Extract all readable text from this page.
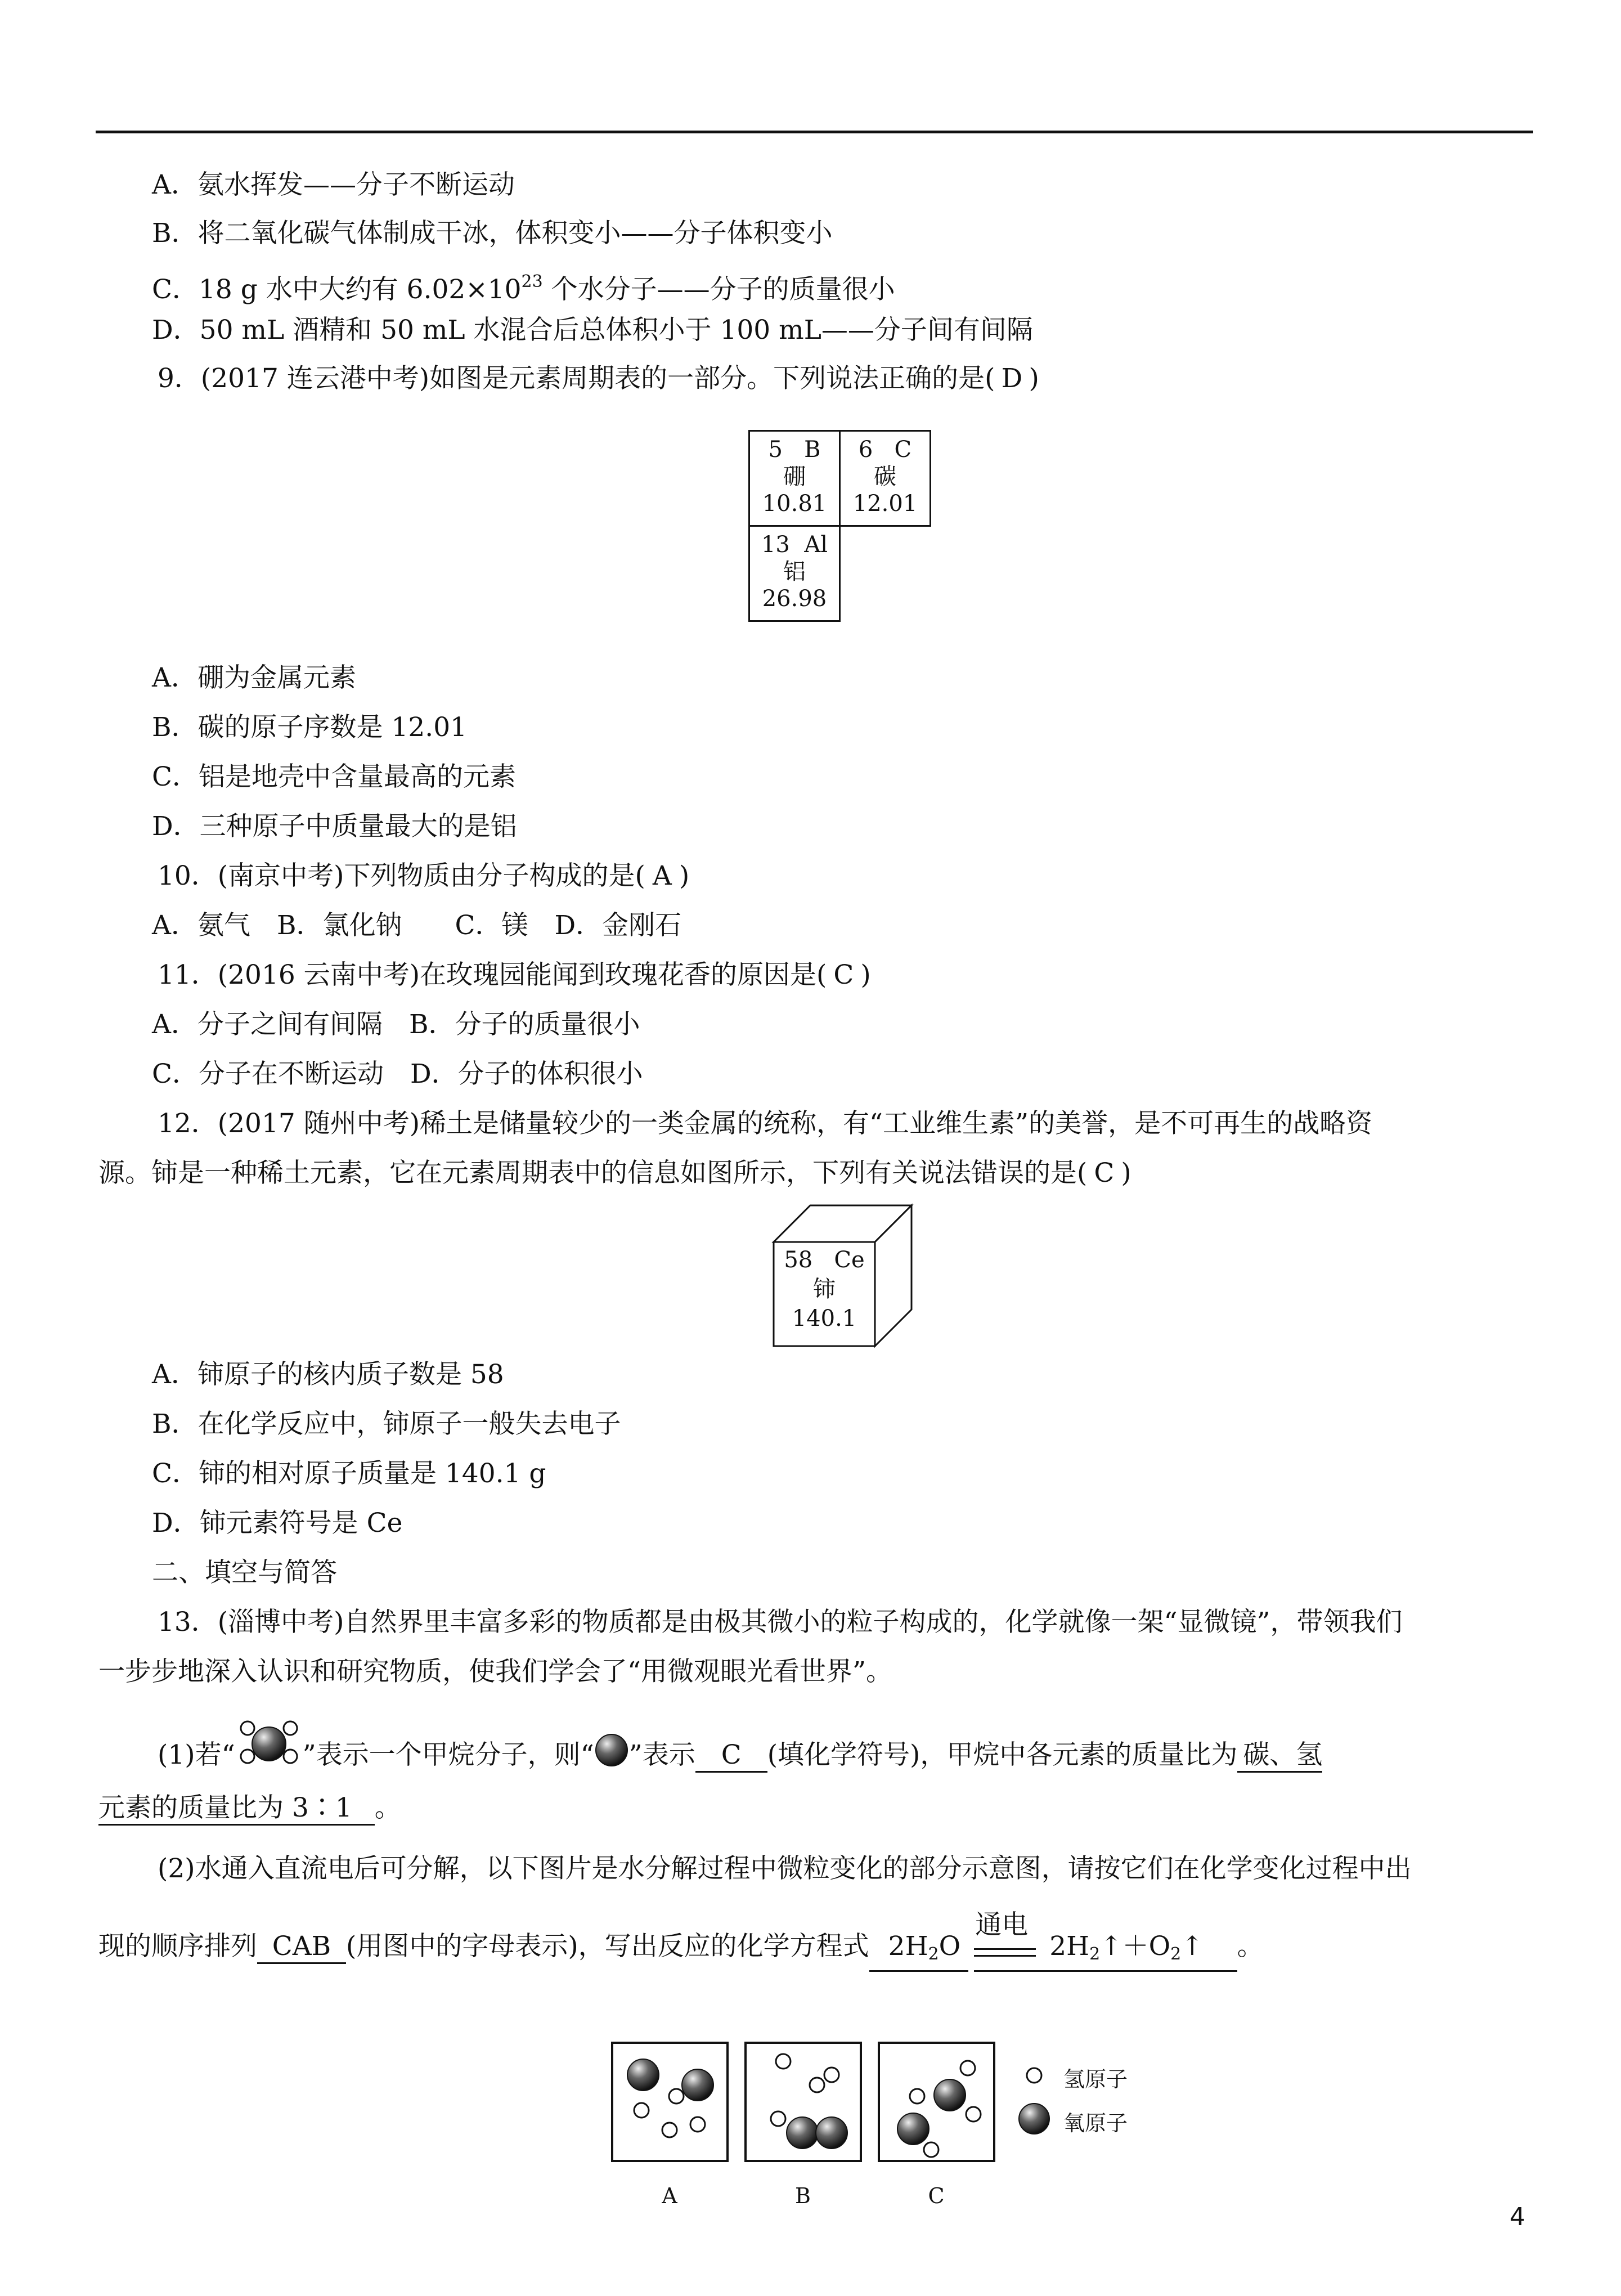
A．氨水挥发——分子不断运动
B．将二氧化碳气体制成干冰，体积变小——分子体积变小
C．18 g 水中大约有 $6.02\times 10^{23}$ 个水分子——分子的质量很小
D．50 mL 酒精和 50 mL 水混合后总体积小于 100 mL——分子间有间隔
9．(2017 连云港中考)如图是元素周期表的一部分。下列说法正确的是( D )
5 B
硼
10.81
6 C
碳
12.01
13 Al
铝
26.98
A．硼为金属元素
B．碳的原子序数是 12.01
C．铝是地壳中含量最高的元素
D．三种原子中质量最大的是铝
10．(南京中考)下列物质由分子构成的是( A )
A．氨气　B．氯化钠　　C．镁　D．金刚石
11．(2016 云南中考)在玫瑰园能闻到玫瑰花香的原因是( C )
A．分子之间有间隔　B．分子的质量很小
C．分子在不断运动　D．分子的体积很小
12．(2017 随州中考)稀土是储量较少的一类金属的统称，有“工业维生素”的美誉，是不可再生的战略资
源。铈是一种稀土元素，它在元素周期表中的信息如图所示，下列有关说法错误的是( C )
58 Ce
铈
140.1
A．铈原子的核内质子数是 58
B．在化学反应中，铈原子一般失去电子
C．铈的相对原子质量是 140.1 g
D．铈元素符号是 Ce
二、填空与简答
13．(淄博中考)自然界里丰富多彩的物质都是由极其微小的粒子构成的，化学就像一架“显微镜”，带领我们
一步步地深入认识和研究物质，使我们学会了“用微观眼光看世界”。
(1)若“	”表示一个甲烷分子，则“ ”表示 C (填化学符号)，甲烷中各元素的质量比为 碳、氢
元素的质量比为 3∶1 。
(2)水通入直流电后可分解，以下图片是水分解过程中微粒变化的部分示意图，请按它们在化学变化过程中出
现的顺序排列 CAB (用图中的字母表示)，写出反应的化学方程式 $2H_2O$
通电
$2H_2↑+O_2↑$ 。
氢原子
氧原子
A	B	C
4
